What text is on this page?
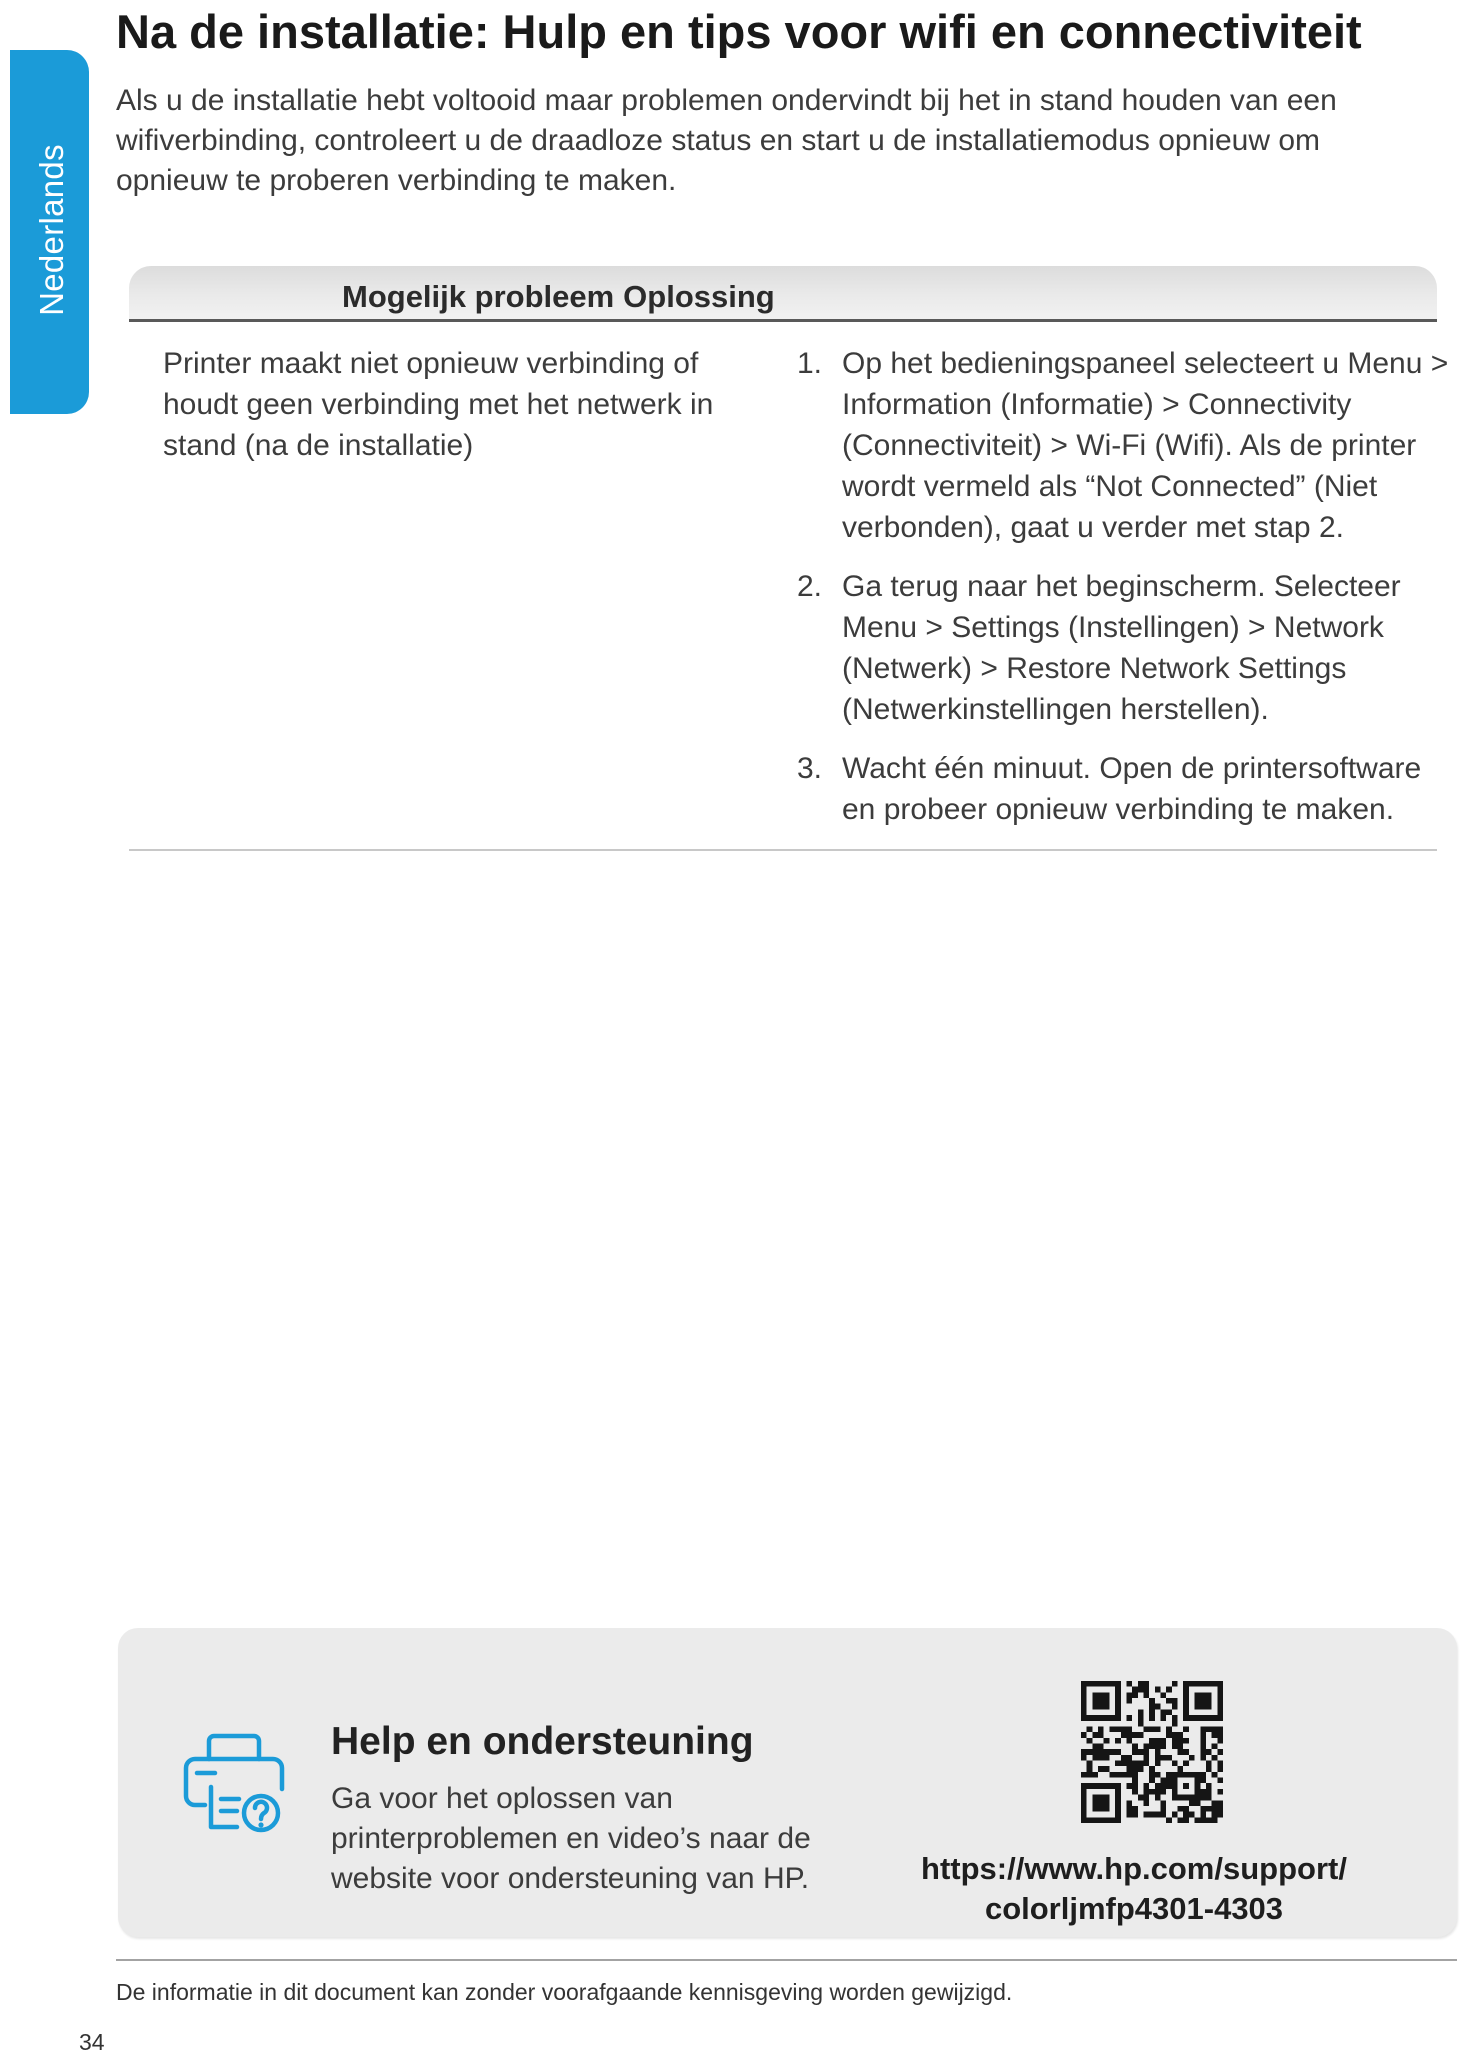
Nederlands
Na de installatie: Hulp en tips voor wifi en connectiviteit
Als u de installatie hebt voltooid maar problemen ondervindt bij het in stand houden van een
wifiverbinding, controleert u de draadloze status en start u de installatiemodus opnieuw om
opnieuw te proberen verbinding te maken.
Mogelijk probleem Oplossing
Printer maakt niet opnieuw verbinding of
houdt geen verbinding met het netwerk in
stand (na de installatie)
1. Op het bedieningspaneel selecteert u Menu >
Information (Informatie) > Connectivity
(Connectiviteit) > Wi-Fi (Wifi). Als de printer
wordt vermeld als “Not Connected” (Niet
verbonden), gaat u verder met stap 2.
2. Ga terug naar het beginscherm. Selecteer
Menu > Settings (Instellingen) > Network
(Netwerk) > Restore Network Settings
(Netwerkinstellingen herstellen).
3. Wacht één minuut. Open de printersoftware
en probeer opnieuw verbinding te maken.
Help en ondersteuning
Ga voor het oplossen van
printerproblemen en video’s naar de
website voor ondersteuning van HP.	https://www.hp.com/support/
colorljmfp4301-4303
De informatie in dit document kan zonder voorafgaande kennisgeving worden gewijzigd.
34
